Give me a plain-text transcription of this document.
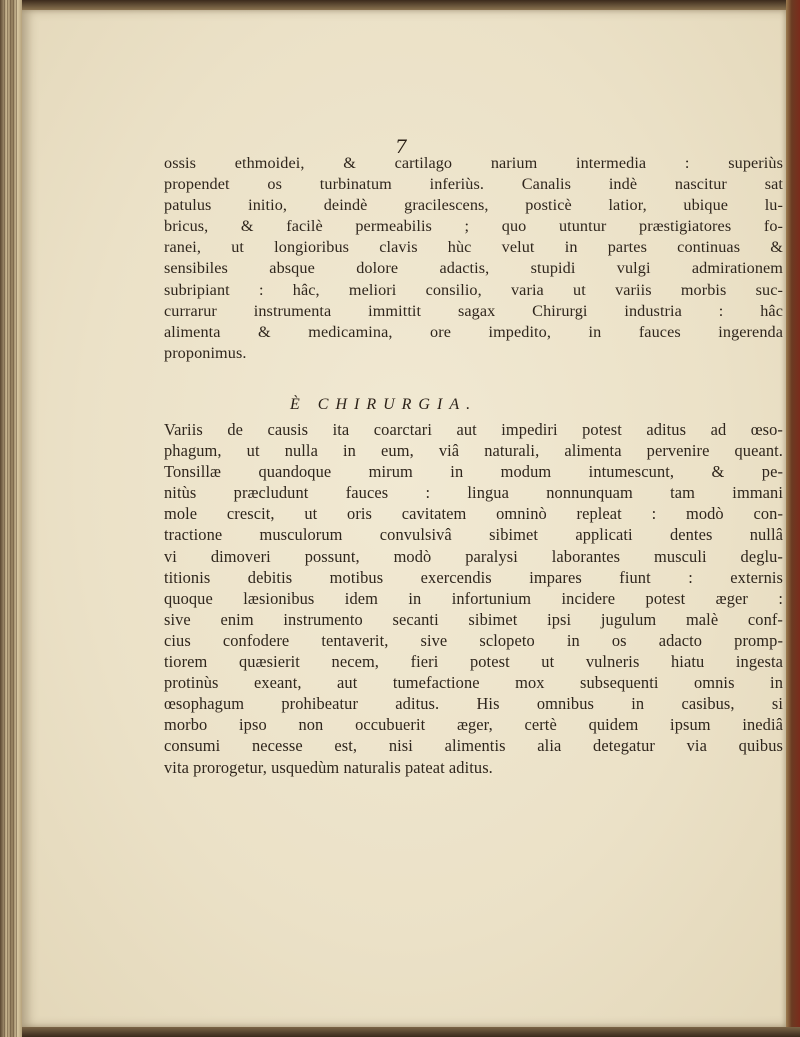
7
ossis ethmoidei, & cartilago narium intermedia : superiùs
propendet os turbinatum inferiùs. Canalis indè nascitur sat
patulus initio, deindè gracilescens, posticè latior, ubique lu-
bricus, & facilè permeabilis ; quo utuntur præstigiatores fo-
ranei, ut longioribus clavis hùc velut in partes continuas &
sensibiles absque dolore adactis, stupidi vulgi admirationem
subripiant : hâc, meliori consilio, varia ut variis morbis suc-
currarur instrumenta immittit sagax Chirurgi industria : hâc
alimenta & medicamina, ore impedito, in fauces ingerenda
proponimus.
È CHIRURGIA.
Variis de causis ita coarctari aut impediri potest aditus ad œso-
phagum, ut nulla in eum, viâ naturali, alimenta pervenire queant.
Tonsillæ quandoque mirum in modum intumescunt, & pe-
nitùs præcludunt fauces : lingua nonnunquam tam immani
mole crescit, ut oris cavitatem omninò repleat : modò con-
tractione musculorum convulsivâ sibimet applicati dentes nullâ
vi dimoveri possunt, modò paralysi laborantes musculi deglu-
titionis debitis motibus exercendis impares fiunt : externis
quoque læsionibus idem in infortunium incidere potest æger :
sive enim instrumento secanti sibimet ipsi jugulum malè conf-
cius confodere tentaverit, sive sclopeto in os adacto promp-
tiorem quæsierit necem, fieri potest ut vulneris hiatu ingesta
protinùs exeant, aut tumefactione mox subsequenti omnis in
œsophagum prohibeatur aditus. His omnibus in casibus, si
morbo ipso non occubuerit æger, certè quidem ipsum inediâ
consumi necesse est, nisi alimentis alia detegatur via quibus
vita prorogetur, usquedùm naturalis pateat aditus.
